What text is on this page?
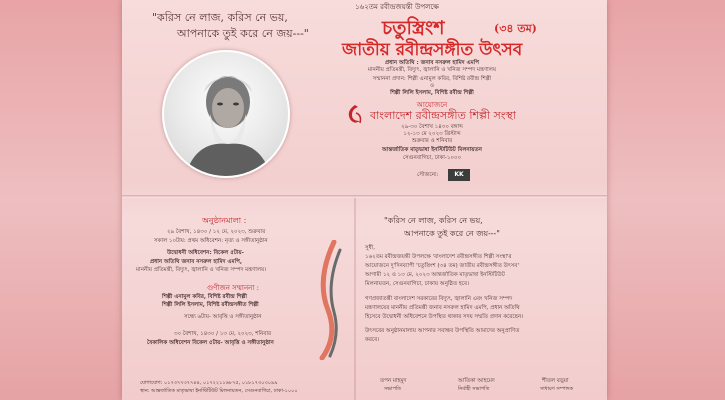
১৬২তম রবীন্দ্রজয়ন্তী উপলক্ষে
"করিস নে লাজ, করিস নে ভয়,
আপনাকে তুই করে নে জয়---"	চতুস্ত্রিংশ	(৩৪ তম)
জাতীয় রবীন্দ্রসঙ্গীত উৎসব
প্রধান অতিথি : জনাব নসরুল হামিদ এমপি
মাননীয় প্রতিমন্ত্রী, বিদ্যুৎ, জ্বালানি ও খনিজ সম্পদ মন্ত্রণালয়
সম্মাননা প্রদান: শিল্পী এনামুল কবির, বিশিষ্ট রবীন্দ্র শিল্পী
ও
শিল্পী লিলি ইসলাম, বিশিষ্ট রবীন্দ্র শিল্পী
আয়োজনে
বাংলাদেশ রবীন্দ্রসঙ্গীত শিল্পী সংস্থা
২৯-৩০ বৈশাখ ১৪৩০ বঙ্গাব্দ
১২-১৩ মে ২০২৩ খ্রিস্টাব্দ
শুক্রবার ও শনিবার
আন্তর্জাতিক মাতৃভাষা ইনস্টিটিউট মিলনায়তন
সেগুনবাগিচা, ঢাকা-১০০০
সৌজন্যে:	KK
অনুষ্ঠানমালা :
২৯ বৈশাখ, ১৪৩০ / ১২ মে, ২০২৩, শুক্রবার
সকাল ১০টায়: প্রথম অধিবেশন: নৃত্য ও সঙ্গীতানুষ্ঠান
উদ্বোধনী অধিবেশন: বিকেল ৫টায়-
প্রধান অতিথি জনাব নসরুল হামিদ এমপি,
মাননীয় প্রতিমন্ত্রী, বিদ্যুৎ, জ্বালানি ও খনিজ সম্পদ মন্ত্রণালয়।
গুণীজন সম্মাননা :
শিল্পী এনামুল কবির, বিশিষ্ট রবীন্দ্র শিল্পী
শিল্পী লিলি ইসলাম, বিশিষ্ট রবীন্দ্রসঙ্গীত শিল্পী
সন্ধ্যে ৬টায়- আবৃত্তি ও সঙ্গীতানুষ্ঠান
৩০ বৈশাখ, ১৪৩০ / ১৩ মে, ২০২৩, শনিবার
বৈকালিক অধিবেশন বিকেল ৫টায়- আবৃত্তি ও সঙ্গীতানুষ্ঠান
যোগাযোগ: ০১৭৩৭৭৩৭৭৪৪, ০১৭২২১১৬৮৭৫, ০১৮১৭৩০৩০৯৯
স্থান: আন্তর্জাতিক মাতৃভাষা ইনস্টিটিউট মিলনায়তন, সেগুনবাগিচা, ঢাকা-১০০০
"করিস নে লাজ, করিস নে ভয়,
আপনাকে তুই করে নে জয়---"
সুধী,
১৬২তম রবীন্দ্রজয়ন্তী উপলক্ষে 'বাংলাদেশ রবীন্দ্রসঙ্গীত শিল্পী সংস্থা'র
আয়োজনে দু'দিনব্যাপী 'চতুস্ত্রিংশ (৩৪ তম) জাতীয় রবীন্দ্রসঙ্গীত উৎসব'
আগামী ১২ ও ১৩ মে, ২০২৩ আন্তর্জাতিক মাতৃভাষা ইনস্টিটিউট
মিলনায়তন, সেগুনবাগিচা, ঢাকায় অনুষ্ঠিত হবে।
গণপ্রজাতন্ত্রী বাংলাদেশ সরকারের বিদ্যুৎ, জ্বালানি এবং খনিজ সম্পদ
মন্ত্রণালয়ের মাননীয় প্রতিমন্ত্রী জনাব নসরুল হামিদ এমপি, প্রধান অতিথি
হিসেবে উদ্বোধনী অধিবেশনে উপস্থিত থাকার সদয় সম্মতি প্রদান করেছেন।
উৎসবের অনুষ্ঠানমালায় আপনার সবান্ধব উপস্থিতি আমাদের অনুপ্রাণিত
করবে।
তপন মাহমুদ
সভাপতি
আতিকা আহমেদ
নির্বাহী সভাপতি
শীতল বড়ুয়া
সাধারণ সম্পাদক
